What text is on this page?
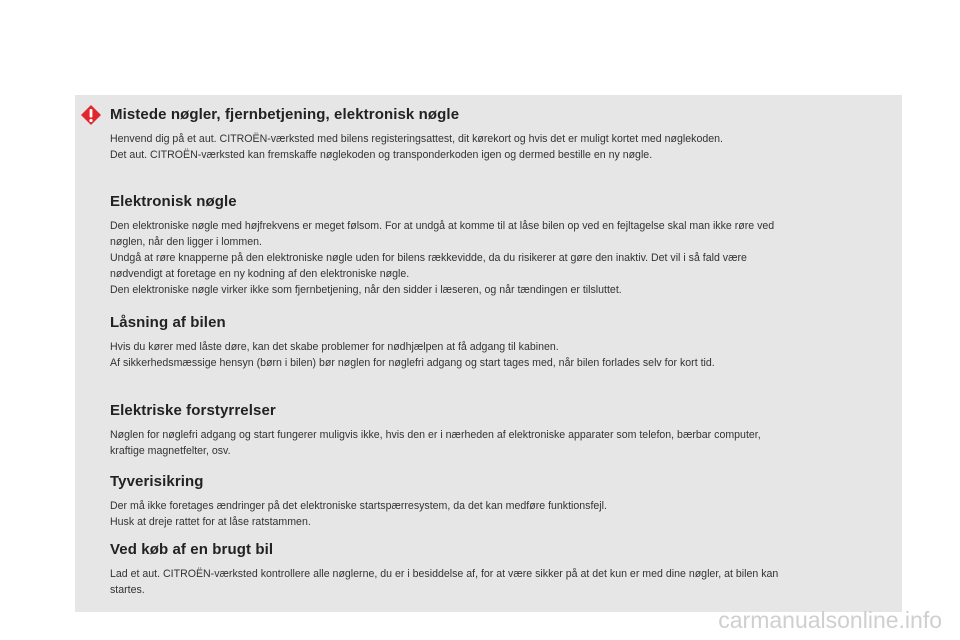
Mistede nøgler, fjernbetjening, elektronisk nøgle

Henvend dig på et aut. CITROËN-værksted med bilens registeringsattest, dit kørekort og hvis det er muligt kortet med nøglekoden.

Det aut. CITROËN-værksted kan fremskaffe nøglekoden og transponderkoden igen og dermed bestille en ny nøgle.

Elektronisk nøgle

Den elektroniske nøgle med højfrekvens er meget følsom. For at undgå at komme til at låse bilen op ved en fejltagelse skal man ikke røre ved

nøglen, når den ligger i lommen.

Undgå at røre knapperne på den elektroniske nøgle uden for bilens rækkevidde, da du risikerer at gøre den inaktiv. Det vil i så fald være

nødvendigt at foretage en ny kodning af den elektroniske nøgle.

Den elektroniske nøgle virker ikke som fjernbetjening, når den sidder i læseren, og når tændingen er tilsluttet.

Låsning af bilen

Hvis du kører med låste døre, kan det skabe problemer for nødhjælpen at få adgang til kabinen.

Af sikkerhedsmæssige hensyn (børn i bilen) bør nøglen for nøglefri adgang og start tages med, når bilen forlades selv for kort tid.

Elektriske forstyrrelser

Nøglen for nøglefri adgang og start fungerer muligvis ikke, hvis den er i nærheden af elektroniske apparater som telefon, bærbar computer,

kraftige magnetfelter, osv.

Tyverisikring

Der må ikke foretages ændringer på det elektroniske startspærresystem, da det kan medføre funktionsfejl.

Husk at dreje rattet for at låse ratstammen.

Ved køb af en brugt bil

Lad et aut. CITROËN-værksted kontrollere alle nøglerne, du er i besiddelse af, for at være sikker på at det kun er med dine nøgler, at bilen kan

startes.

carmanualsonline.info
